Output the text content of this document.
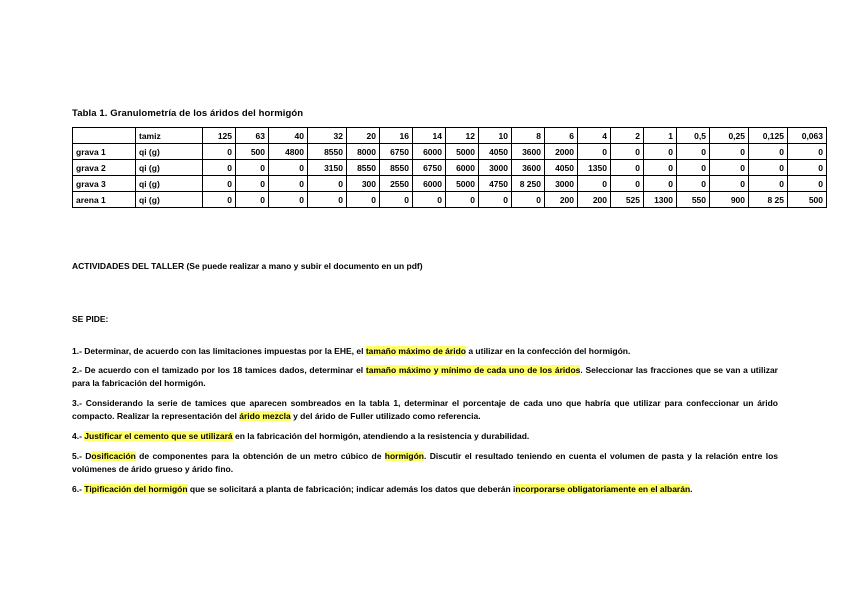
Tabla 1. Granulometría de los áridos del hormigón
	tamiz	125	63	40	32	20	16	14	12	10	8	6	4	2	1	0,5	0,25	0,125	0,063
grava 1	qi (g)	0	500	4800	8550	8000	6750	6000	5000	4050	3600	2000	0	0	0	0	0	0	0
grava 2	qi (g)	0	0	0	3150	8550	8550	6750	6000	3000	3600	4050	1350	0	0	0	0	0	0
grava 3	qi (g)	0	0	0	0	300	2550	6000	5000	4750	8 250	3000	0	0	0	0	0	0	0
arena 1	qi (g)	0	0	0	0	0	0	0	0	0	0	200	200	525	1300	550	900	8 25	500
ACTIVIDADES DEL TALLER (Se puede realizar a mano y subir el documento en un pdf)
SE PIDE:
1.- Determinar, de acuerdo con las limitaciones impuestas por la EHE, el tamaño máximo de árido a utilizar en la confección del hormigón.
2.- De acuerdo con el tamizado por los 18 tamices dados, determinar el tamaño máximo y mínimo de cada uno de los áridos. Seleccionar las fracciones que se van a utilizar para la fabricación del hormigón.
3.- Considerando la serie de tamices que aparecen sombreados en la tabla 1, determinar el porcentaje de cada uno que habría que utilizar para confeccionar un árido compacto. Realizar la representación del árido mezcla y del árido de Fuller utilizado como referencia.
4.- Justificar el cemento que se utilizará en la fabricación del hormigón, atendiendo a la resistencia y durabilidad.
5.- Dosificación de componentes para la obtención de un metro cúbico de hormigón. Discutir el resultado teniendo en cuenta el volumen de pasta y la relación entre los volúmenes de árido grueso y árido fino.
6.- Tipificación del hormigón que se solicitará a planta de fabricación; indicar además los datos que deberán incorporarse obligatoriamente en el albarán.
